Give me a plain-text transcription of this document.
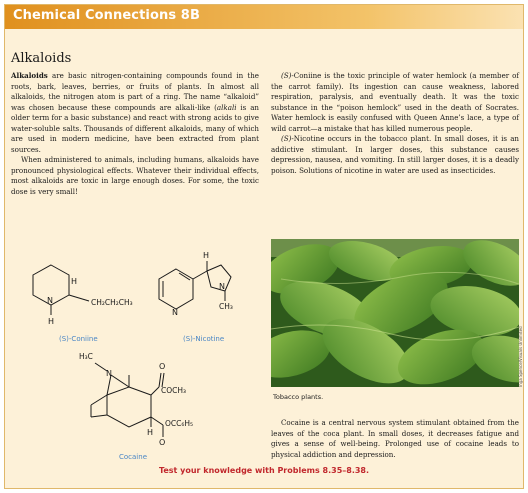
Chemical Connections 8B
Alkaloids

Alkaloids are basic nitrogen-containing compounds found in the roots, bark, leaves, berries, or fruits of plants. In almost all alkaloids, the nitrogen atom is part of a ring. The name “alkaloid” was chosen because these compounds are alkali-like (alkali is an older term for a basic substance) and react with strong acids to give water-soluble salts. Thousands of different alkaloids, many of which are used in modern medicine, have been extracted from plant sources.

When administered to animals, including humans, alkaloids have pronounced physiological effects. Whatever their individual effects, most alkaloids are toxic in large enough doses. For some, the toxic dose is very small!

(S)-Coniine is the toxic principle of water hemlock (a member of the carrot family). Its ingestion can cause weakness, labored respiration, paralysis, and eventually death. It was the toxic substance in the “poison hemlock” used in the death of Socrates. Water hemlock is easily confused with Queen Anne’s lace, a type of wild carrot—a mistake that has killed numerous people.

(S)-Nicotine occurs in the tobacco plant. In small doses, it is an addictive stimulant. In larger doses, this substance causes depression, nausea, and vomiting. In still larger doses, it is a deadly poison. Solutions of nicotine in water are used as insecticides.

Inga Spence/Visuals Unlimited
Tobacco plants.

Cocaine is a central nervous system stimulant obtained from the leaves of the coca plant. In small doses, it decreases fatigue and gives a sense of well-being. Prolonged use of cocaine leads to physical addiction and depression.

H
CH₂CH₂CH₃
N
H
(S)-Coniine
H
N
N
CH₃
(S)-Nicotine
H₃C
N
O
COCH₃
H
OCC₆H₅
O
Cocaine
Test your knowledge with Problems 8.35–8.38.
